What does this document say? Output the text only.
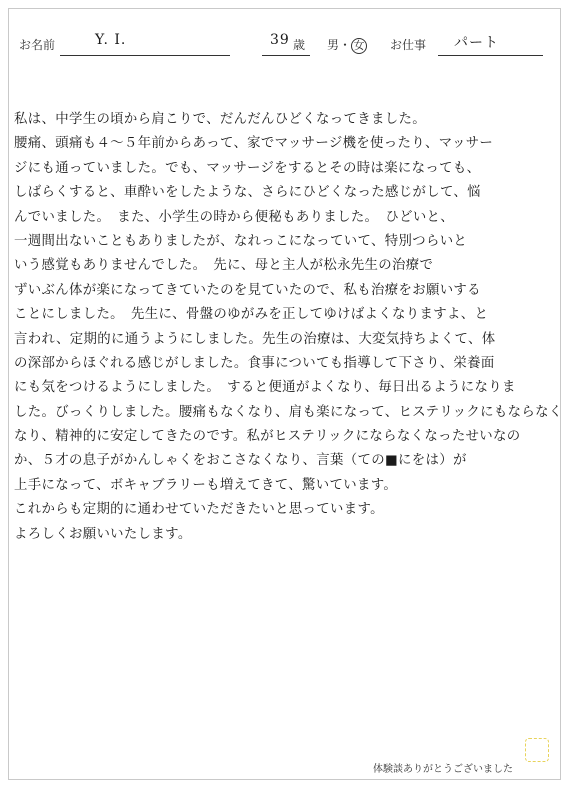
お名前	Y. I.	39 歳 男・ 女 お仕事 パート
私は、中学生の頃から肩こりで、だんだんひどくなってきました。
腰痛、頭痛も４～５年前からあって、家でマッサージ機を使ったり、マッサー
ジにも通っていました。でも、マッサージをするとその時は楽になっても、
しばらくすると、車酔いをしたような、さらにひどくなった感じがして、悩
んでいました。　また、小学生の時から便秘もありました。　ひどいと、
一週間出ないこともありましたが、なれっこになっていて、特別つらいと
いう感覚もありませんでした。　先に、母と主人が松永先生の治療で
ずいぶん体が楽になってきていたのを見ていたので、私も治療をお願いする
ことにしました。　先生に、骨盤のゆがみを正してゆけばよくなりますよ、と
言われ、定期的に通うようにしました。先生の治療は、大変気持ちよくて、体
の深部からほぐれる感じがしました。食事についても指導して下さり、栄養面
にも気をつけるようにしました。　すると便通がよくなり、毎日出るようになりま
した。びっくりしました。腰痛もなくなり、肩も楽になって、ヒステリックにもならなく
なり、精神的に安定してきたのです。私がヒステリックにならなくなったせいなの
か、５才の息子がかんしゃくをおこさなくなり、言葉（ての■にをは）が
上手になって、ボキャブラリーも増えてきて、驚いています。
これからも定期的に通わせていただきたいと思っています。
よろしくお願いいたします。
体験談ありがとうございました
